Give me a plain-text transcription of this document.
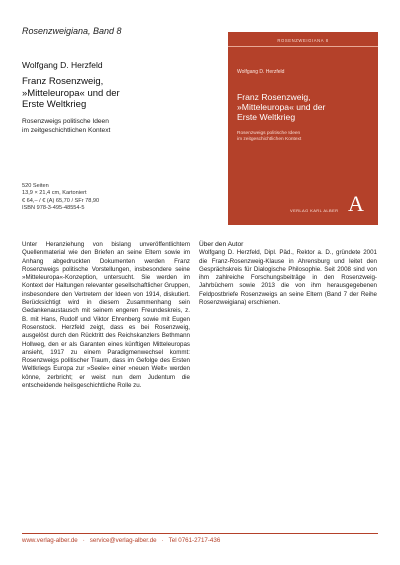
Rosenzweigiana, Band 8
Wolfgang D. Herzfeld
Franz Rosenzweig,
»Mitteleuropa« und der
Erste Weltkrieg
Rosenzweigs politische Ideen
im zeitgeschichtlichen Kontext
520 Seiten
13,9 × 21,4 cm, Kartoniert
€ 64,– / € (A) 65,70 / SFr 78,90
ISBN 978-3-495-48554-5
ROSENZWEIGIANA 8
Wolfgang D. Herzfeld
Franz Rosenzweig,
»Mitteleuropa« und der
Erste Weltkrieg
Rosenzweigs politische Ideen
im zeitgeschichtlichen Kontext
VERLAG KARL ALBER A
Unter Heranziehung von bislang unveröffentlichtem Quellenmaterial wie den Briefen an seine Eltern sowie im Anhang abgedruckten Dokumenten werden Franz Rosenzweigs politische Vorstellungen, insbesondere seine »Mitteleuropa«-Konzeption, untersucht. Sie werden im Kontext der Haltungen relevanter gesellschaftlicher Gruppen, insbesondere den Vertretern der Ideen von 1914, diskutiert. Berücksichtigt wird in diesem Zusammenhang sein Gedankenaustausch mit seinem engeren Freundeskreis, z. B. mit Hans, Rudolf und Viktor Ehrenberg sowie mit Eugen Rosenstock. Herzfeld zeigt, dass es bei Rosenzweig, ausgelöst durch den Rücktritt des Reichskanzlers Bethmann Hollweg, den er als Garanten eines künftigen Mitteleuropas ansieht, 1917 zu einem Paradigmenwechsel kommt: Rosenzweigs politischer Traum, dass im Gefolge des Ersten Weltkriegs Europa zur »Seele« einer »neuen Welt« werden könne, zerbricht; er weist nun dem Judentum die entscheidende heilsgeschichtliche Rolle zu.
Über den Autor
Wolfgang D. Herzfeld, Dipl. Päd., Rektor a. D., gründete 2001 die Franz-Rosenzweig-Klause in Ahrensburg und leitet den Gesprächskreis für Dialogische Philosophie. Seit 2008 sind von ihm zahlreiche Forschungsbeiträge in den Rosenzweig-Jahrbüchern sowie 2013 die von ihm herausgegebenen Feldpostbriefe Rosenzweigs an seine Eltern (Band 7 der Reihe Rosenzweigiana) erschienen.
www.verlag-alber.de · service@verlag-alber.de · Tel 0761-2717-436
